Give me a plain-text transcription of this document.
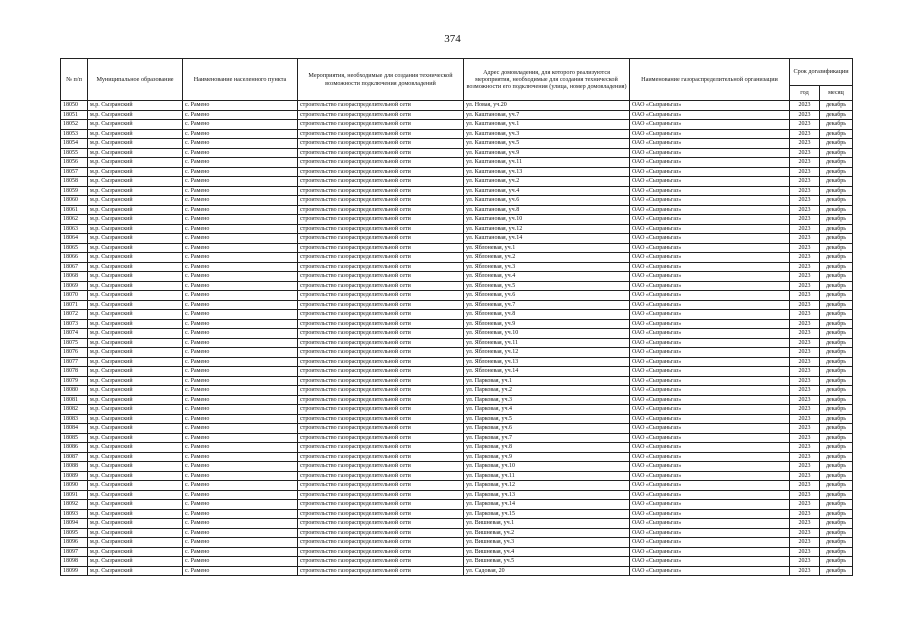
374
№ п/п	Муниципальное образование	Наименование населенного пункта	Мероприятия, необходимые для создания технической возможности подключения домовладений	Адрес домовладения, для которого реализуются мероприятия, необходимые для создания технической возможности его подключения (улица, номер домовладения)	Наименование газораспределительной организации	Срок догазификации	
						год	месяц
18050	м.р. Сызранский	с. Рамено	строительство газораспределительной сети	ул. Новая, уч.20	ОАО «Сызраньгаз»	2023	декабрь
18051	м.р. Сызранский	с. Рамено	строительство газораспределительной сети	ул. Каштановая, уч.7	ОАО «Сызраньгаз»	2023	декабрь
18052	м.р. Сызранский	с. Рамено	строительство газораспределительной сети	ул. Каштановая, уч.1	ОАО «Сызраньгаз»	2023	декабрь
18053	м.р. Сызранский	с. Рамено	строительство газораспределительной сети	ул. Каштановая, уч.3	ОАО «Сызраньгаз»	2023	декабрь
18054	м.р. Сызранский	с. Рамено	строительство газораспределительной сети	ул. Каштановая, уч.5	ОАО «Сызраньгаз»	2023	декабрь
18055	м.р. Сызранский	с. Рамено	строительство газораспределительной сети	ул. Каштановая, уч.9	ОАО «Сызраньгаз»	2023	декабрь
18056	м.р. Сызранский	с. Рамено	строительство газораспределительной сети	ул. Каштановая, уч.11	ОАО «Сызраньгаз»	2023	декабрь
18057	м.р. Сызранский	с. Рамено	строительство газораспределительной сети	ул. Каштановая, уч.13	ОАО «Сызраньгаз»	2023	декабрь
18058	м.р. Сызранский	с. Рамено	строительство газораспределительной сети	ул. Каштановая, уч.2	ОАО «Сызраньгаз»	2023	декабрь
18059	м.р. Сызранский	с. Рамено	строительство газораспределительной сети	ул. Каштановая, уч.4	ОАО «Сызраньгаз»	2023	декабрь
18060	м.р. Сызранский	с. Рамено	строительство газораспределительной сети	ул. Каштановая, уч.6	ОАО «Сызраньгаз»	2023	декабрь
18061	м.р. Сызранский	с. Рамено	строительство газораспределительной сети	ул. Каштановая, уч.8	ОАО «Сызраньгаз»	2023	декабрь
18062	м.р. Сызранский	с. Рамено	строительство газораспределительной сети	ул. Каштановая, уч.10	ОАО «Сызраньгаз»	2023	декабрь
18063	м.р. Сызранский	с. Рамено	строительство газораспределительной сети	ул. Каштановая, уч.12	ОАО «Сызраньгаз»	2023	декабрь
18064	м.р. Сызранский	с. Рамено	строительство газораспределительной сети	ул. Каштановая, уч.14	ОАО «Сызраньгаз»	2023	декабрь
18065	м.р. Сызранский	с. Рамено	строительство газораспределительной сети	ул. Яблоневая, уч.1	ОАО «Сызраньгаз»	2023	декабрь
18066	м.р. Сызранский	с. Рамено	строительство газораспределительной сети	ул. Яблоневая, уч.2	ОАО «Сызраньгаз»	2023	декабрь
18067	м.р. Сызранский	с. Рамено	строительство газораспределительной сети	ул. Яблоневая, уч.3	ОАО «Сызраньгаз»	2023	декабрь
18068	м.р. Сызранский	с. Рамено	строительство газораспределительной сети	ул. Яблоневая, уч.4	ОАО «Сызраньгаз»	2023	декабрь
18069	м.р. Сызранский	с. Рамено	строительство газораспределительной сети	ул. Яблоневая, уч.5	ОАО «Сызраньгаз»	2023	декабрь
18070	м.р. Сызранский	с. Рамено	строительство газораспределительной сети	ул. Яблоневая, уч.6	ОАО «Сызраньгаз»	2023	декабрь
18071	м.р. Сызранский	с. Рамено	строительство газораспределительной сети	ул. Яблоневая, уч.7	ОАО «Сызраньгаз»	2023	декабрь
18072	м.р. Сызранский	с. Рамено	строительство газораспределительной сети	ул. Яблоневая, уч.8	ОАО «Сызраньгаз»	2023	декабрь
18073	м.р. Сызранский	с. Рамено	строительство газораспределительной сети	ул. Яблоневая, уч.9	ОАО «Сызраньгаз»	2023	декабрь
18074	м.р. Сызранский	с. Рамено	строительство газораспределительной сети	ул. Яблоневая, уч.10	ОАО «Сызраньгаз»	2023	декабрь
18075	м.р. Сызранский	с. Рамено	строительство газораспределительной сети	ул. Яблоневая, уч.11	ОАО «Сызраньгаз»	2023	декабрь
18076	м.р. Сызранский	с. Рамено	строительство газораспределительной сети	ул. Яблоневая, уч.12	ОАО «Сызраньгаз»	2023	декабрь
18077	м.р. Сызранский	с. Рамено	строительство газораспределительной сети	ул. Яблоневая, уч.13	ОАО «Сызраньгаз»	2023	декабрь
18078	м.р. Сызранский	с. Рамено	строительство газораспределительной сети	ул. Яблоневая, уч.14	ОАО «Сызраньгаз»	2023	декабрь
18079	м.р. Сызранский	с. Рамено	строительство газораспределительной сети	ул. Парковая, уч.1	ОАО «Сызраньгаз»	2023	декабрь
18080	м.р. Сызранский	с. Рамено	строительство газораспределительной сети	ул. Парковая, уч.2	ОАО «Сызраньгаз»	2023	декабрь
18081	м.р. Сызранский	с. Рамено	строительство газораспределительной сети	ул. Парковая, уч.3	ОАО «Сызраньгаз»	2023	декабрь
18082	м.р. Сызранский	с. Рамено	строительство газораспределительной сети	ул. Парковая, уч.4	ОАО «Сызраньгаз»	2023	декабрь
18083	м.р. Сызранский	с. Рамено	строительство газораспределительной сети	ул. Парковая, уч.5	ОАО «Сызраньгаз»	2023	декабрь
18084	м.р. Сызранский	с. Рамено	строительство газораспределительной сети	ул. Парковая, уч.6	ОАО «Сызраньгаз»	2023	декабрь
18085	м.р. Сызранский	с. Рамено	строительство газораспределительной сети	ул. Парковая, уч.7	ОАО «Сызраньгаз»	2023	декабрь
18086	м.р. Сызранский	с. Рамено	строительство газораспределительной сети	ул. Парковая, уч.8	ОАО «Сызраньгаз»	2023	декабрь
18087	м.р. Сызранский	с. Рамено	строительство газораспределительной сети	ул. Парковая, уч.9	ОАО «Сызраньгаз»	2023	декабрь
18088	м.р. Сызранский	с. Рамено	строительство газораспределительной сети	ул. Парковая, уч.10	ОАО «Сызраньгаз»	2023	декабрь
18089	м.р. Сызранский	с. Рамено	строительство газораспределительной сети	ул. Парковая, уч.11	ОАО «Сызраньгаз»	2023	декабрь
18090	м.р. Сызранский	с. Рамено	строительство газораспределительной сети	ул. Парковая, уч.12	ОАО «Сызраньгаз»	2023	декабрь
18091	м.р. Сызранский	с. Рамено	строительство газораспределительной сети	ул. Парковая, уч.13	ОАО «Сызраньгаз»	2023	декабрь
18092	м.р. Сызранский	с. Рамено	строительство газораспределительной сети	ул. Парковая, уч.14	ОАО «Сызраньгаз»	2023	декабрь
18093	м.р. Сызранский	с. Рамено	строительство газораспределительной сети	ул. Парковая, уч.15	ОАО «Сызраньгаз»	2023	декабрь
18094	м.р. Сызранский	с. Рамено	строительство газораспределительной сети	ул. Вишневая, уч.1	ОАО «Сызраньгаз»	2023	декабрь
18095	м.р. Сызранский	с. Рамено	строительство газораспределительной сети	ул. Вишневая, уч.2	ОАО «Сызраньгаз»	2023	декабрь
18096	м.р. Сызранский	с. Рамено	строительство газораспределительной сети	ул. Вишневая, уч.3	ОАО «Сызраньгаз»	2023	декабрь
18097	м.р. Сызранский	с. Рамено	строительство газораспределительной сети	ул. Вишневая, уч.4	ОАО «Сызраньгаз»	2023	декабрь
18098	м.р. Сызранский	с. Рамено	строительство газораспределительной сети	ул. Вишневая, уч.5	ОАО «Сызраньгаз»	2023	декабрь
18099	м.р. Сызранский	с. Рамено	строительство газораспределительной сети	ул. Садовая, 20	ОАО «Сызраньгаз»	2023	декабрь
